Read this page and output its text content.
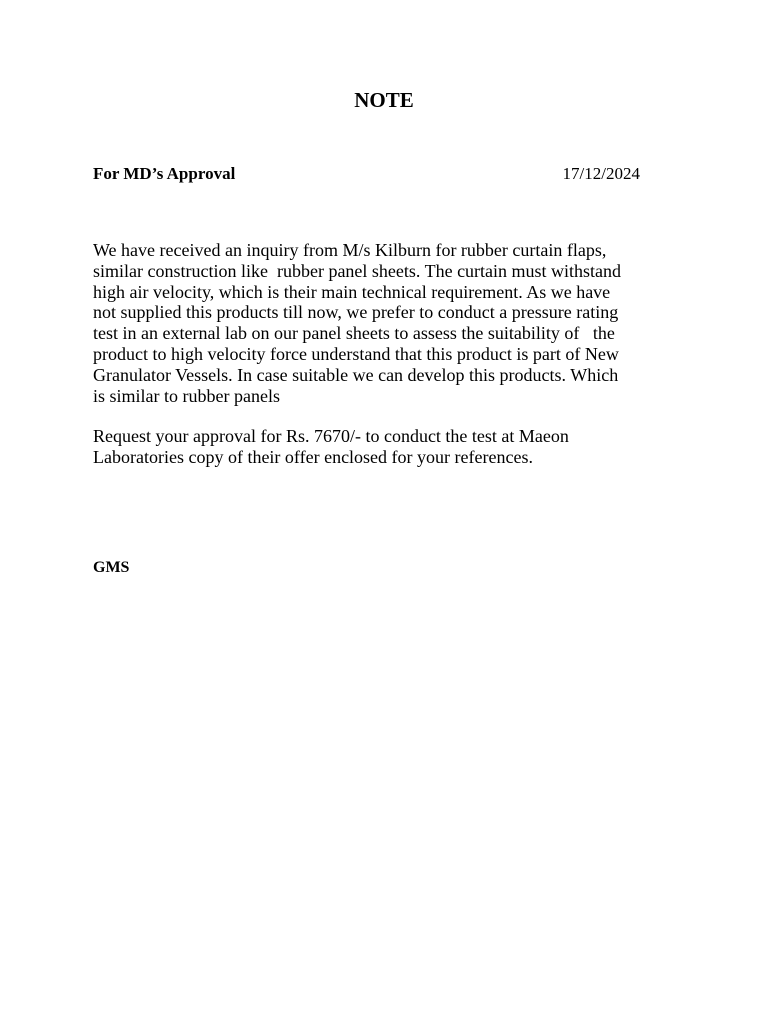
NOTE
For MD’s Approval	17/12/2024
We have received an inquiry from M/s Kilburn for rubber curtain flaps,
similar construction like  rubber panel sheets. The curtain must withstand
high air velocity, which is their main technical requirement. As we have
not supplied this products till now, we prefer to conduct a pressure rating
test in an external lab on our panel sheets to assess the suitability of   the
product to high velocity force understand that this product is part of New
Granulator Vessels. In case suitable we can develop this products. Which
is similar to rubber panels
Request your approval for Rs. 7670/- to conduct the test at Maeon
Laboratories copy of their offer enclosed for your references.
GMS
